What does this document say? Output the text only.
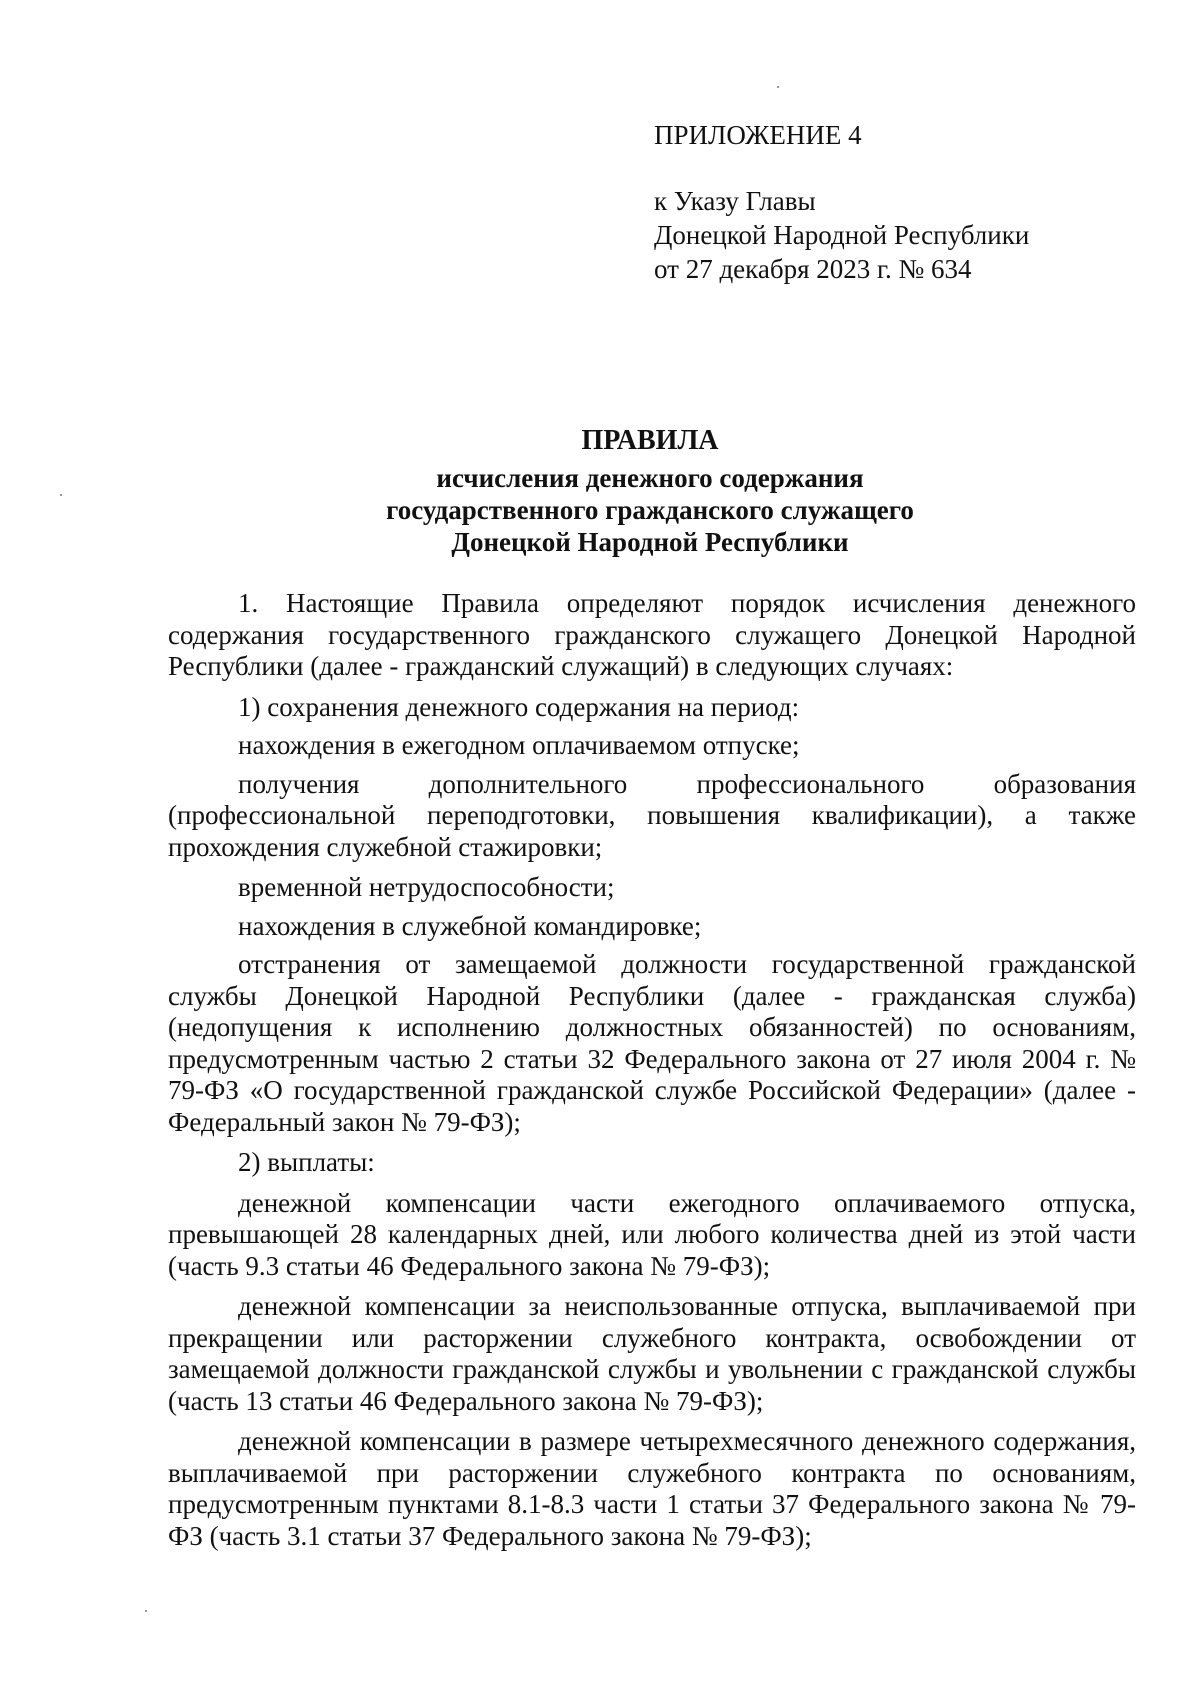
ПРИЛОЖЕНИЕ 4

к Указу Главы

Донецкой Народной Республики

от 27 декабря 2023 г. № 634

ПРАВИЛА

исчисления денежного содержания

государственного гражданского служащего

Донецкой Народной Республики

1. Настоящие Правила определяют порядок исчисления денежного содержания государственного гражданского служащего Донецкой Народной Республики (далее - гражданский служащий) в следующих случаях:

1) сохранения денежного содержания на период:

нахождения в ежегодном оплачиваемом отпуске;

получения дополнительного профессионального образования (профессиональной переподготовки, повышения квалификации), а также прохождения служебной стажировки;

временной нетрудоспособности;

нахождения в служебной командировке;

отстранения от замещаемой должности государственной гражданской службы Донецкой Народной Республики (далее - гражданская служба) (недопущения к исполнению должностных обязанностей) по основаниям, предусмотренным частью 2 статьи 32 Федерального закона от 27 июля 2004 г. № 79-ФЗ «О государственной гражданской службе Российской Федерации» (далее - Федеральный закон № 79-ФЗ);

2) выплаты:

денежной компенсации части ежегодного оплачиваемого отпуска, превышающей 28 календарных дней, или любого количества дней из этой части (часть 9.3 статьи 46 Федерального закона № 79-ФЗ);

денежной компенсации за неиспользованные отпуска, выплачиваемой при прекращении или расторжении служебного контракта, освобождении от замещаемой должности гражданской службы и увольнении с гражданской службы (часть 13 статьи 46 Федерального закона № 79-ФЗ);

денежной компенсации в размере четырехмесячного денежного содержания, выплачиваемой при расторжении служебного контракта по основаниям, предусмотренным пунктами 8.1-8.3 части 1 статьи 37 Федерального закона № 79-ФЗ (часть 3.1 статьи 37 Федерального закона № 79-ФЗ);
